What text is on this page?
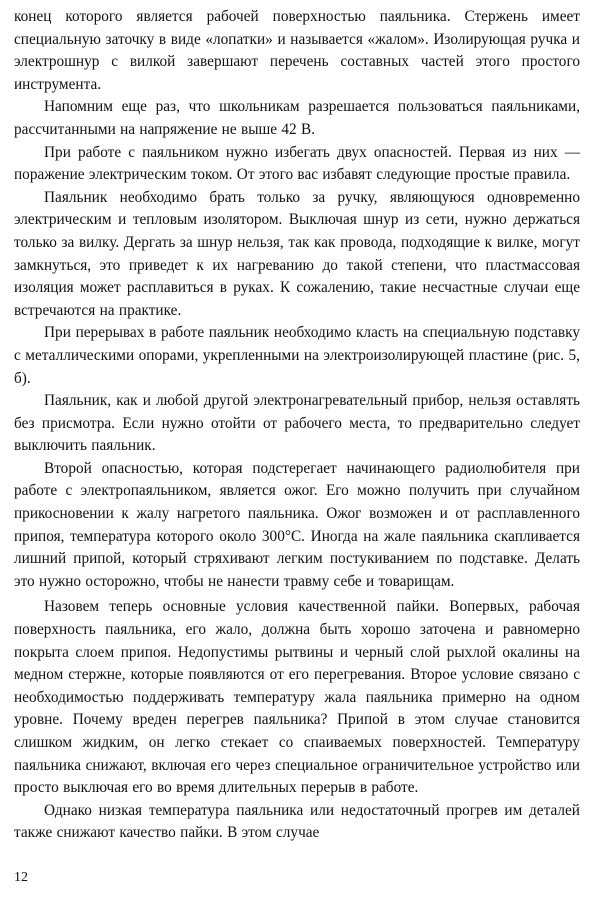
конец которого является рабочей поверхностью паяльника. Стержень имеет специальную заточку в виде «лопатки» и называется «жалом». Изолирующая ручка и электрошнур с вилкой завершают перечень составных частей этого простого инструмента.

Напомним еще раз, что школьникам разрешается пользоваться паяльниками, рассчитанными на напряжение не выше 42 В.

При работе с паяльником нужно избегать двух опасностей. Первая из них — поражение электрическим током. От этого вас избавят следующие простые правила.

Паяльник необходимо брать только за ручку, являющуюся одновременно электрическим и тепловым изолятором. Выключая шнур из сети, нужно держаться только за вилку. Дергать за шнур нельзя, так как провода, подходящие к вилке, могут замкнуться, это приведет к их нагреванию до такой степени, что пластмассовая изоляция может расплавиться в руках. К сожалению, такие несчастные случаи еще встречаются на практике.

При перерывах в работе паяльник необходимо класть на специальную подставку с металлическими опорами, укрепленными на электроизолирующей пластине (рис. 5, б).

Паяльник, как и любой другой электронагревательный прибор, нельзя оставлять без присмотра. Если нужно отойти от рабочего места, то предварительно следует выключить паяльник.

Второй опасностью, которая подстерегает начинающего радиолюбителя при работе с электропаяльником, является ожог. Его можно получить при случайном прикосновении к жалу нагретого паяльника. Ожог возможен и от расплавленного припоя, температура которого около 300°С. Иногда на жале паяльника скапливается лишний припой, который стряхивают легким постукиванием по подставке. Делать это нужно осторожно, чтобы не нанести травму себе и товарищам.

Назовем теперь основные условия качественной пайки. Вопервых, рабочая поверхность паяльника, его жало, должна быть хорошо заточена и равномерно покрыта слоем припоя. Недопустимы рытвины и черный слой рыхлой окалины на медном стержне, которые появляются от его перегревания. Второе условие связано с необходимостью поддерживать температуру жала паяльника примерно на одном уровне. Почему вреден перегрев паяльника? Припой в этом случае становится слишком жидким, он легко стекает со спаиваемых поверхностей. Температуру паяльника снижают, включая его через специальное ограничительное устройство или просто выключая его во время длительных перерыв в работе.

Однако низкая температура паяльника или недостаточный прогрев им деталей также снижают качество пайки. В этом случае

12
